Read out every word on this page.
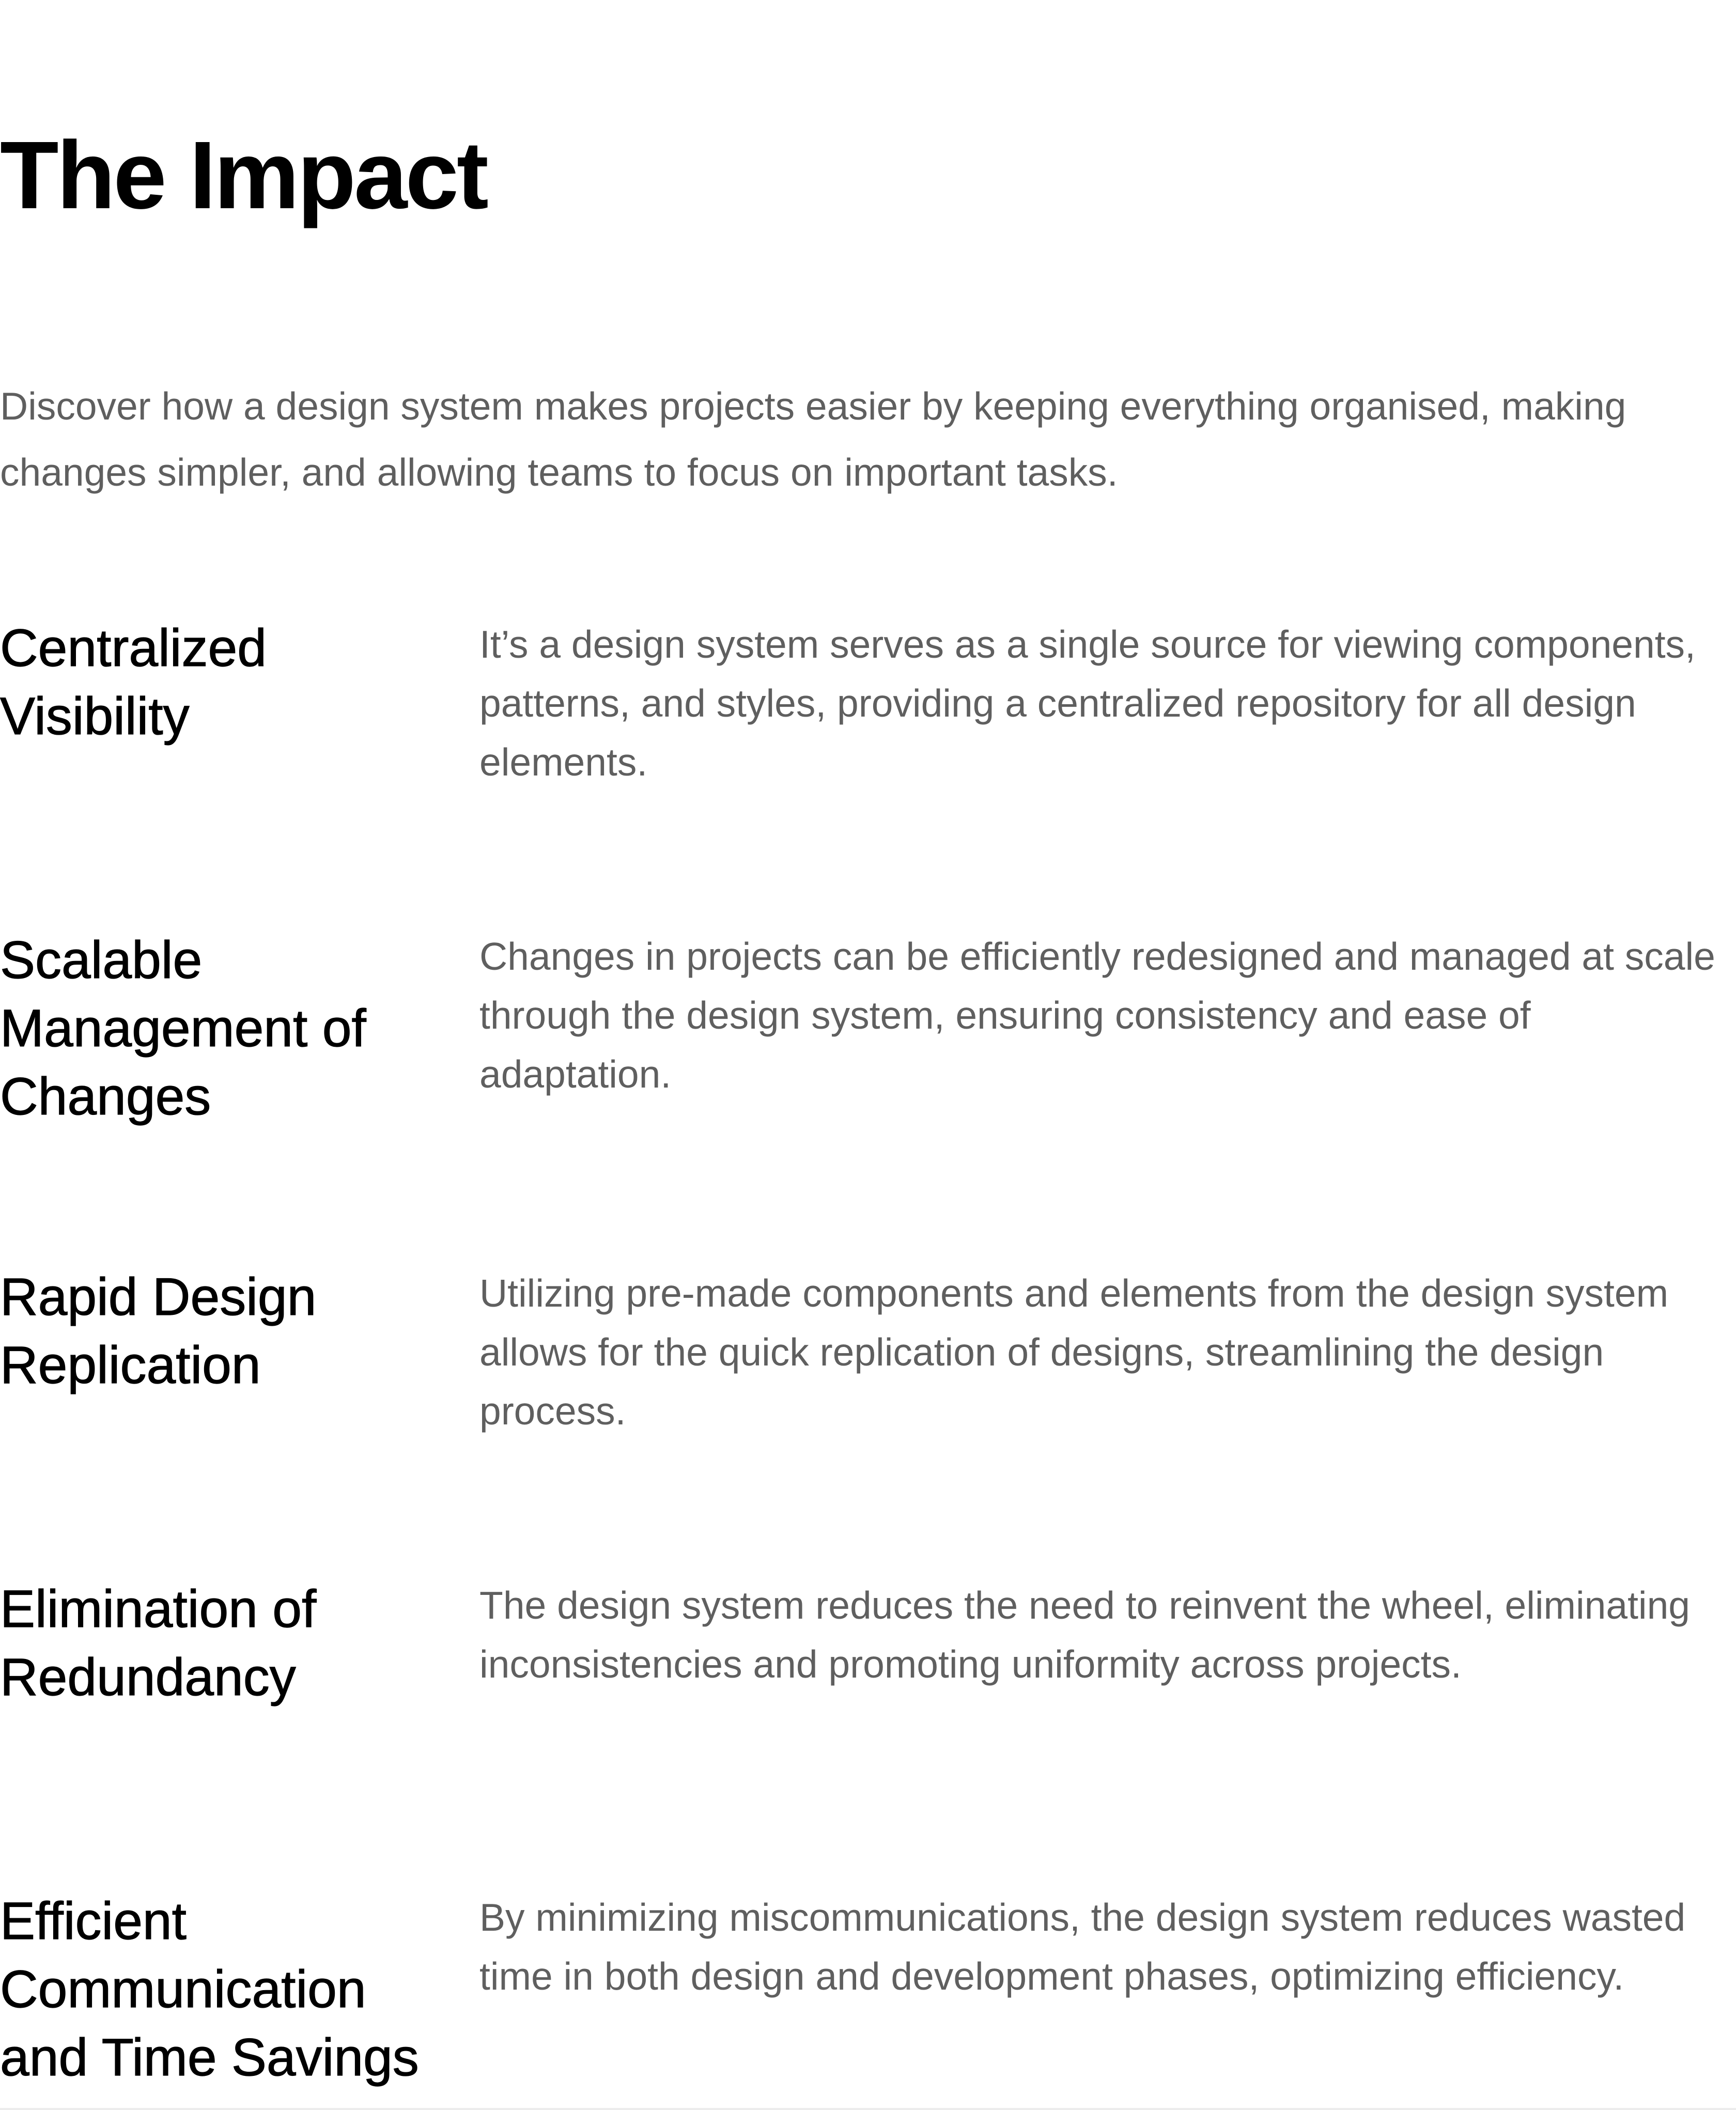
The Impact

Discover how a design system makes projects easier by keeping everything organised, making changes simpler, and allowing teams to focus on important tasks.

Centralized Visibility

It’s a design system serves as a single source for viewing components, patterns, and styles, providing a centralized repository for all design elements.

Scalable Management of Changes

Changes in projects can be efficiently redesigned and managed at scale through the design system, ensuring consistency and ease of adaptation.

Rapid Design Replication

Utilizing pre-made components and elements from the design system allows for the quick replication of designs, streamlining the design process.

Elimination of Redundancy

The design system reduces the need to reinvent the wheel, eliminating inconsistencies and promoting uniformity across projects.

Efficient Communication and Time Savings

By minimizing miscommunications, the design system reduces wasted time in both design and development phases, optimizing efficiency.
